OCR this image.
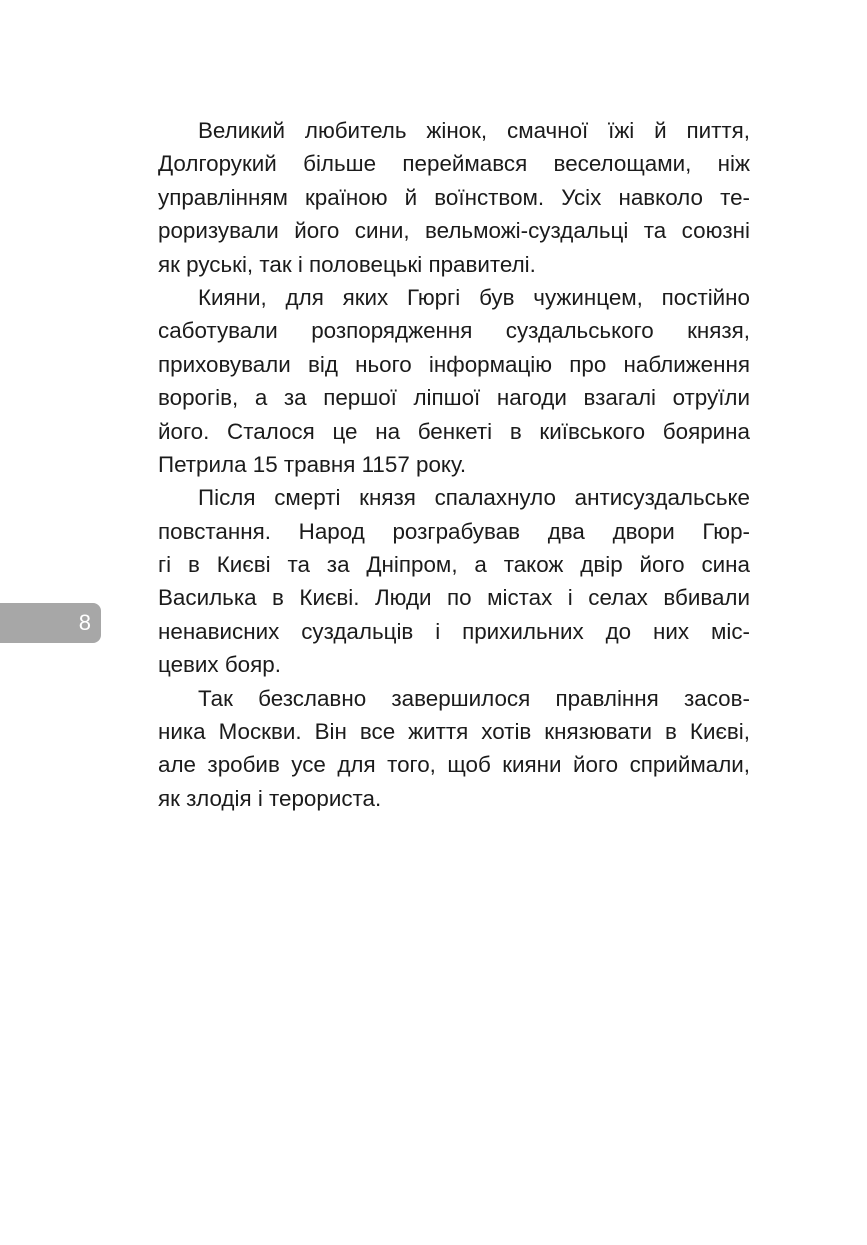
Великий любитель жінок, смачної їжі й пиття,
Долгорукий більше переймався веселощами, ніж
управлінням країною й воїнством. Усіх навколо те-
роризували його сини, вельможі-суздальці та союзні
як руські, так і половецькі правителі.

Кияни, для яких Гюргі був чужинцем, постійно
саботували розпорядження суздальського князя,
приховували від нього інформацію про наближення
ворогів, а за першої ліпшої нагоди взагалі отруїли
його. Сталося це на бенкеті в київського боярина
Петрила 15 травня 1157 року.

Після смерті князя спалахнуло антисуздальське
повстання. Народ розграбував два двори Гюр-
гі в Києві та за Дніпром, а також двір його сина
Василька в Києві. Люди по містах і селах вбивали
ненависних суздальців і прихильних до них міс-
цевих бояр.

Так безславно завершилося правління засов-
ника Москви. Він все життя хотів князювати в Києві,
але зробив усе для того, щоб кияни його сприймали,
як злодія і терориста.

8
